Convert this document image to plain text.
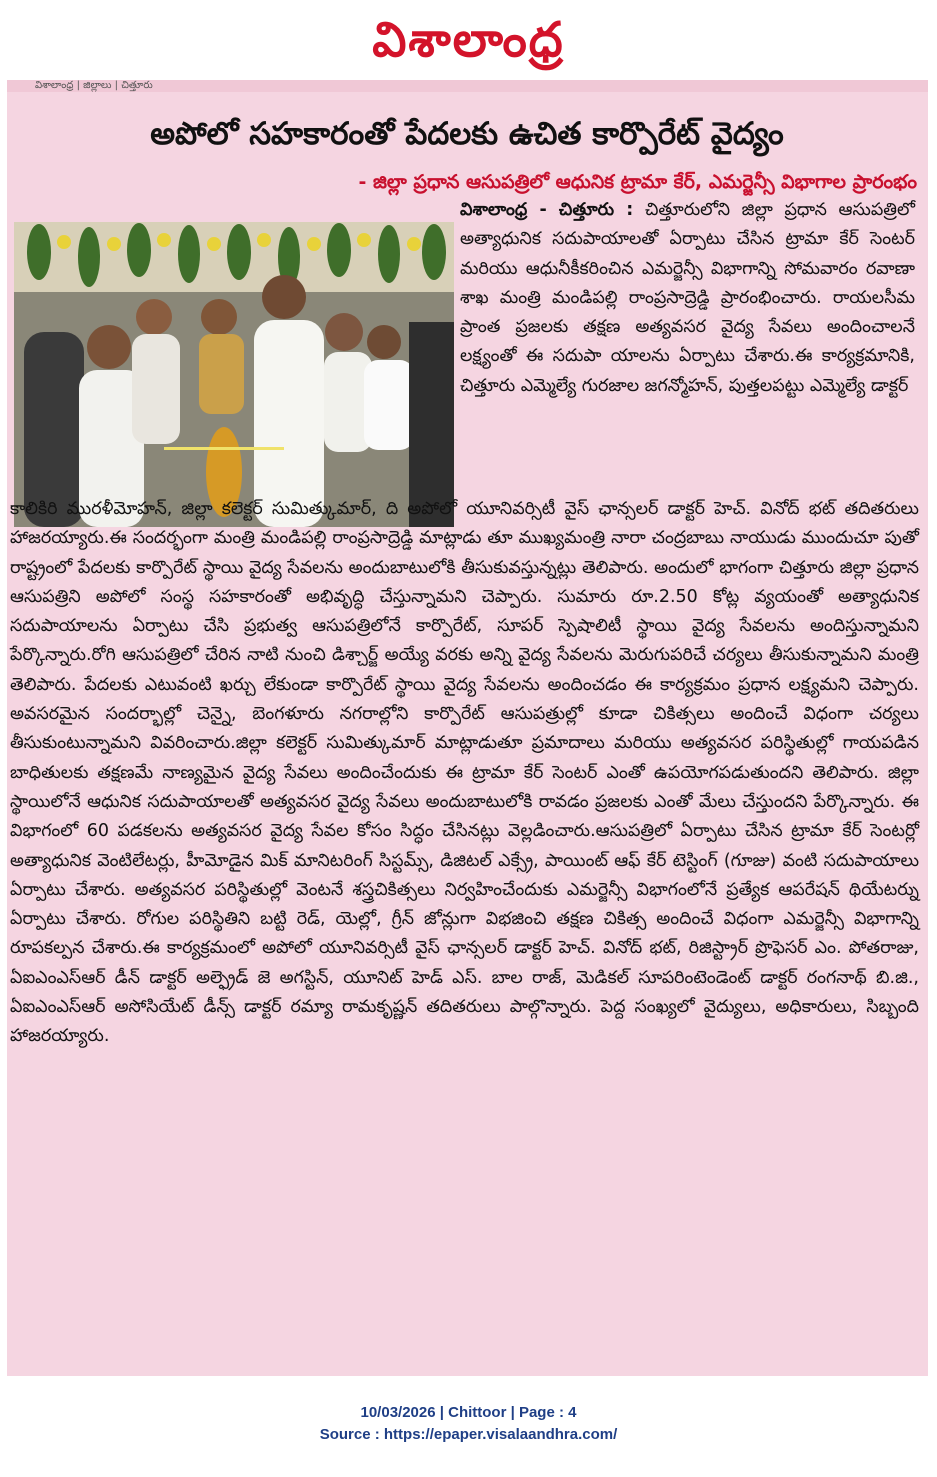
విశాలాంధ్ర
విశాలాంధ్ర | జిల్లాలు | చిత్తూరు
అపోలో సహకారంతో పేదలకు ఉచిత కార్పొరేట్ వైద్యం
- జిల్లా ప్రధాన ఆసుపత్రిలో ఆధునిక ట్రామా కేర్, ఎమర్జెన్సీ విభాగాల ప్రారంభం
విశాలాంధ్ర - చిత్తూరు : చిత్తూరులోని జిల్లా ప్రధాన ఆసుపత్రిలో అత్యాధునిక సదుపాయాలతో ఏర్పాటు చేసిన ట్రామా కేర్ సెంటర్ మరియు ఆధునీకీకరించిన ఎమర్జెన్సీ విభాగాన్ని సోమవారం రవాణా శాఖ మంత్రి మండిపల్లి రాంప్రసాద్రెడ్డి ప్రారంభించారు. రాయలసీమ ప్రాంత ప్రజలకు తక్షణ అత్యవసర వైద్య సేవలు అందించాలనే లక్ష్యంతో ఈ సదుపా యాలను ఏర్పాటు చేశారు.ఈ కార్యక్రమానికి, చిత్తూరు ఎమ్మెల్యే గురజాల జగన్మోహన్, పుత్తలపట్టు ఎమ్మెల్యే డాక్టర్
కాలికిరి మురళీమోహన్, జిల్లా కలెక్టర్ సుమిత్కుమార్, ది అపోలో యూనివర్సిటీ వైస్ ఛాన్సలర్ డాక్టర్ హెచ్. వినోద్ భట్ తదితరులు హాజరయ్యారు.ఈ సందర్భంగా మంత్రి మండిపల్లి రాంప్రసాద్రెడ్డి మాట్లాడు తూ ముఖ్యమంత్రి నారా చంద్రబాబు నాయుడు ముందుచూ పుతో రాష్ట్రంలో పేదలకు కార్పొరేట్ స్థాయి వైద్య సేవలను అందుబాటులోకి తీసుకువస్తున్నట్లు తెలిపారు. అందులో భాగంగా చిత్తూరు జిల్లా ప్రధాన ఆసుపత్రిని అపోలో సంస్థ సహకారంతో అభివృద్ధి చేస్తున్నామని చెప్పారు. సుమారు రూ.2.50 కోట్ల వ్యయంతో అత్యాధునిక సదుపాయాలను ఏర్పాటు చేసి ప్రభుత్వ ఆసుపత్రిలోనే కార్పొరేట్, సూపర్ స్పెషాలిటీ స్థాయి వైద్య సేవలను అందిస్తున్నామని పేర్కొన్నారు.రోగి ఆసుపత్రిలో చేరిన నాటి నుంచి డిశ్చార్జ్ అయ్యే వరకు అన్ని వైద్య సేవలను మెరుగుపరిచే చర్యలు తీసుకున్నామని మంత్రి తెలిపారు. పేదలకు ఎటువంటి ఖర్చు లేకుండా కార్పొరేట్ స్థాయి వైద్య సేవలను అందించడం ఈ కార్యక్రమం ప్రధాన లక్ష్యమని చెప్పారు. అవసరమైన సందర్భాల్లో చెన్నై, బెంగళూరు నగరాల్లోని కార్పొరేట్ ఆసుపత్రుల్లో కూడా చికిత్సలు అందించే విధంగా చర్యలు తీసుకుంటున్నామని వివరించారు.జిల్లా కలెక్టర్ సుమిత్కుమార్ మాట్లాడుతూ ప్రమాదాలు మరియు అత్యవసర పరిస్థితుల్లో గాయపడిన బాధితులకు తక్షణమే నాణ్యమైన వైద్య సేవలు అందించేందుకు ఈ ట్రామా కేర్ సెంటర్ ఎంతో ఉపయోగపడుతుందని తెలిపారు. జిల్లా స్థాయిలోనే ఆధునిక సదుపాయాలతో అత్యవసర వైద్య సేవలు అందుబాటులోకి రావడం ప్రజలకు ఎంతో మేలు చేస్తుందని పేర్కొన్నారు. ఈ విభాగంలో 60 పడకలను అత్యవసర వైద్య సేవల కోసం సిద్ధం చేసినట్లు వెల్లడించారు.ఆసుపత్రిలో ఏర్పాటు చేసిన ట్రామా కేర్ సెంటర్లో అత్యాధునిక వెంటిలేటర్లు, హీమోడైన మిక్ మానిటరింగ్ సిస్టమ్స్, డిజిటల్ ఎక్స్రే, పాయింట్ ఆఫ్ కేర్ టెస్టింగ్ (గూజు) వంటి సదుపాయాలు ఏర్పాటు చేశారు. అత్యవసర పరిస్థితుల్లో వెంటనే శస్త్రచికిత్సలు నిర్వహించేందుకు ఎమర్జెన్సీ విభాగంలోనే ప్రత్యేక ఆపరేషన్ థియేటర్ను ఏర్పాటు చేశారు. రోగుల పరిస్థితిని బట్టి రెడ్, యెల్లో, గ్రీన్ జోన్లుగా విభజించి తక్షణ చికిత్స అందించే విధంగా ఎమర్జెన్సీ విభాగాన్ని రూపకల్పన చేశారు.ఈ కార్యక్రమంలో అపోలో యూనివర్సిటీ వైస్ ఛాన్సలర్ డాక్టర్ హెచ్. వినోద్ భట్, రిజిస్ట్రార్ ప్రొఫెసర్ ఎం. పోతరాజు, ఏఐఎంఎస్ఆర్ డీన్ డాక్టర్ అల్ఫ్రెడ్ జె అగస్టిన్, యూనిట్ హెడ్ ఎస్. బాల రాజ్, మెడికల్ సూపరింటెండెంట్ డాక్టర్ రంగనాథ్ బి.జి., ఏఐఎంఎస్ఆర్ అసోసియేట్ డీన్స్ డాక్టర్ రమ్యా రామకృష్ణన్ తదితరులు పాల్గొన్నారు. పెద్ద సంఖ్యలో వైద్యులు, అధికారులు, సిబ్బంది హాజరయ్యారు.
10/03/2026 | Chittoor | Page : 4
Source : https://epaper.visalaandhra.com/
